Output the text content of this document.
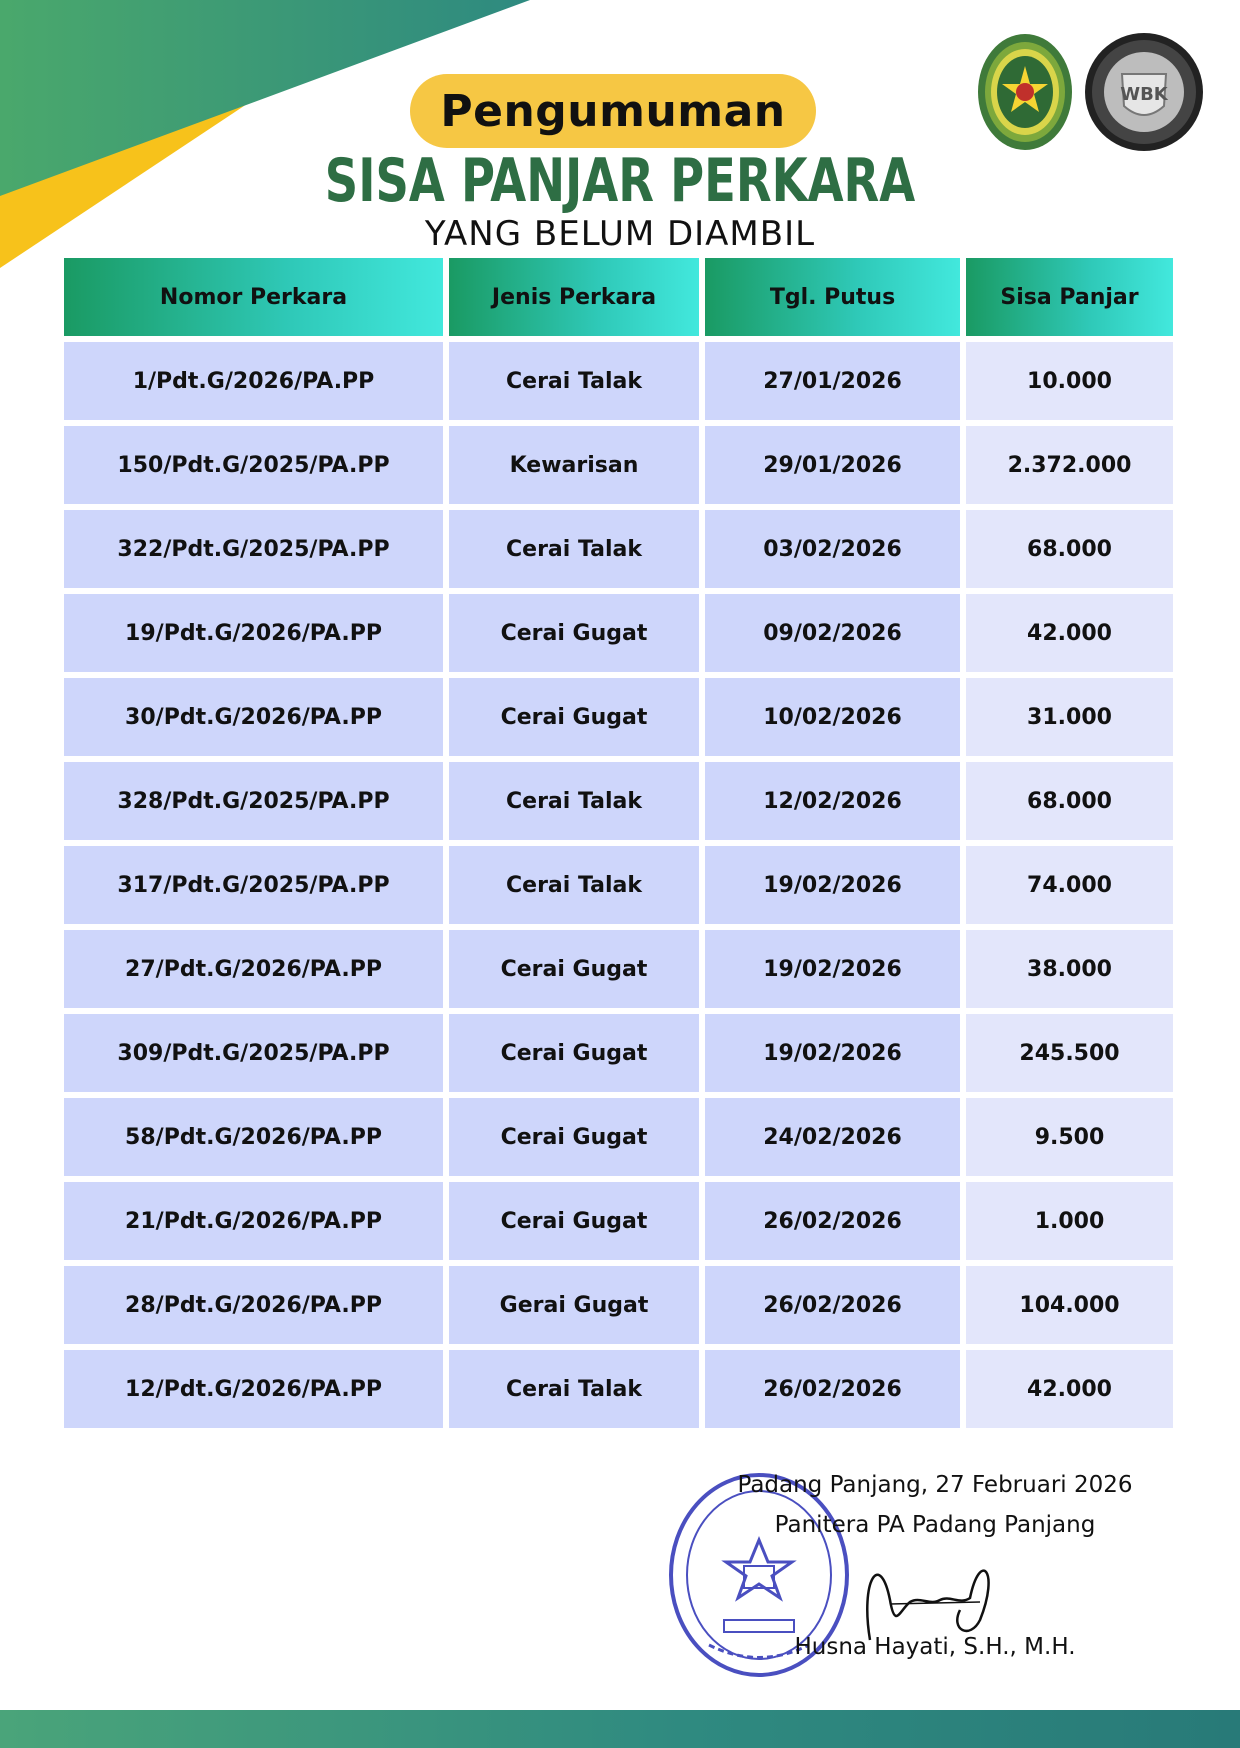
Pengumuman
SISA PANJAR PERKARA
YANG BELUM DIAMBIL
WBK
Nomor Perkara	Jenis Perkara	Tgl. Putus	Sisa Panjar
1/Pdt.G/2026/PA.PP	Cerai Talak	27/01/2026	10.000
150/Pdt.G/2025/PA.PP	Kewarisan	29/01/2026	2.372.000
322/Pdt.G/2025/PA.PP	Cerai Talak	03/02/2026	68.000
19/Pdt.G/2026/PA.PP	Cerai Gugat	09/02/2026	42.000
30/Pdt.G/2026/PA.PP	Cerai Gugat	10/02/2026	31.000
328/Pdt.G/2025/PA.PP	Cerai Talak	12/02/2026	68.000
317/Pdt.G/2025/PA.PP	Cerai Talak	19/02/2026	74.000
27/Pdt.G/2026/PA.PP	Cerai Gugat	19/02/2026	38.000
309/Pdt.G/2025/PA.PP	Cerai Gugat	19/02/2026	245.500
58/Pdt.G/2026/PA.PP	Cerai Gugat	24/02/2026	9.500
21/Pdt.G/2026/PA.PP	Cerai Gugat	26/02/2026	1.000
28/Pdt.G/2026/PA.PP	Gerai Gugat	26/02/2026	104.000
12/Pdt.G/2026/PA.PP	Cerai Talak	26/02/2026	42.000
Padang Panjang, 27 Februari 2026
Panitera PA Padang Panjang
Husna Hayati, S.H., M.H.
